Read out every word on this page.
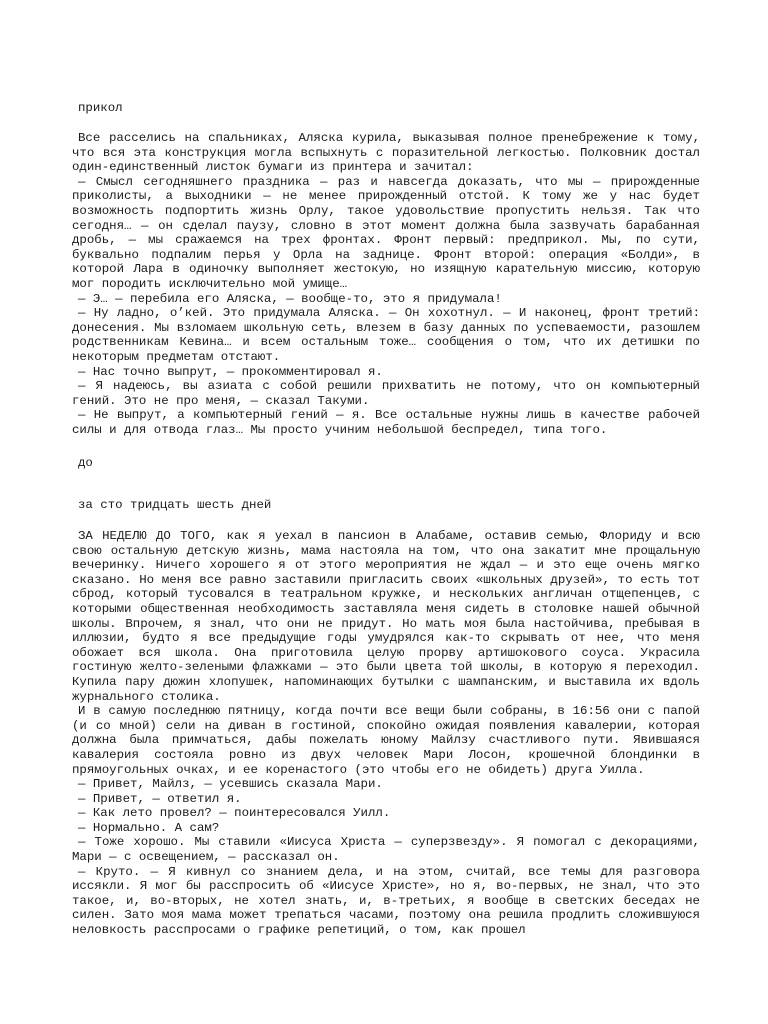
прикол

Все расселись на спальниках, Аляска курила, выказывая полное пренебрежение к тому, что вся эта конструкция могла вспыхнуть с поразительной легкостью. Полковник достал один-единственный листок бумаги из принтера и зачитал:

— Смысл сегодняшнего праздника — раз и навсегда доказать, что мы — прирожденные приколисты, а выходники — не менее прирожденный отстой. К тому же у нас будет возможность подпортить жизнь Орлу, такое удовольствие пропустить нельзя. Так что сегодня… — он сделал паузу, словно в этот момент должна была зазвучать барабанная дробь, — мы сражаемся на трех фронтах. Фронт первый: предприкол. Мы, по сути, буквально подпалим перья у Орла на заднице. Фронт второй: операция «Болди», в которой Лара в одиночку выполняет жестокую, но изящную карательную миссию, которую мог породить исключительно мой умище…

— Э… — перебила его Аляска, — вообще-то, это я придумала!

— Ну ладно, о’кей. Это придумала Аляска. — Он хохотнул. — И наконец, фронт третий: донесения. Мы взломаем школьную сеть, влезем в базу данных по успеваемости, разошлем родственникам Кевина… и всем остальным тоже… сообщения о том, что их детишки по некоторым предметам отстают.

— Нас точно выпрут, — прокомментировал я.

— Я надеюсь, вы азиата с собой решили прихватить не потому, что он компьютерный гений. Это не про меня, — сказал Такуми.

— Не выпрут, а компьютерный гений — я. Все остальные нужны лишь в качестве рабочей силы и для отвода глаз… Мы просто учиним небольшой беспредел, типа того.

до
за сто тридцать шесть дней

ЗА НЕДЕЛЮ ДО ТОГО, как я уехал в пансион в Алабаме, оставив семью, Флориду и всю свою остальную детскую жизнь, мама настояла на том, что она закатит мне прощальную вечеринку. Ничего хорошего я от этого мероприятия не ждал — и это еще очень мягко сказано. Но меня все равно заставили пригласить своих «школьных друзей», то есть тот сброд, который тусовался в театральном кружке, и нескольких англичан отщепенцев, с которыми общественная необходимость заставляла меня сидеть в столовке нашей обычной школы. Впрочем, я знал, что они не придут. Но мать моя была настойчива, пребывая в иллюзии, будто я все предыдущие годы умудрялся как-то скрывать от нее, что меня обожает вся школа. Она приготовила целую прорву артишокового соуса. Украсила гостиную желто-зелеными флажками — это были цвета той школы, в которую я переходил. Купила пару дюжин хлопушек, напоминающих бутылки с шампанским, и выставила их вдоль журнального столика.

И в самую последнюю пятницу, когда почти все вещи были собраны, в 16:56 они с папой (и со мной) сели на диван в гостиной, спокойно ожидая появления кавалерии, которая должна была примчаться, дабы пожелать юному Майлзу счастливого пути. Явившаяся кавалерия состояла ровно из двух человек Мари Лосон, крошечной блондинки в прямоугольных очках, и ее коренастого (это чтобы его не обидеть) друга Уилла.

— Привет, Майлз, — усевшись сказала Мари.

— Привет, — ответил я.

— Как лето провел? — поинтересовался Уилл.

— Нормально. А сам?

— Тоже хорошо. Мы ставили «Иисуса Христа — суперзвезду». Я помогал с декорациями, Мари — с освещением, — рассказал он.

— Круто. — Я кивнул со знанием дела, и на этом, считай, все темы для разговора иссякли. Я мог бы расспросить об «Иисусе Христе», но я, во-первых, не знал, что это такое, и, во-вторых, не хотел знать, и, в-третьих, я вообще в светских беседах не силен. Зато моя мама может трепаться часами, поэтому она решила продлить сложившуюся неловкость расспросами о графике репетиций, о том, как прошел
